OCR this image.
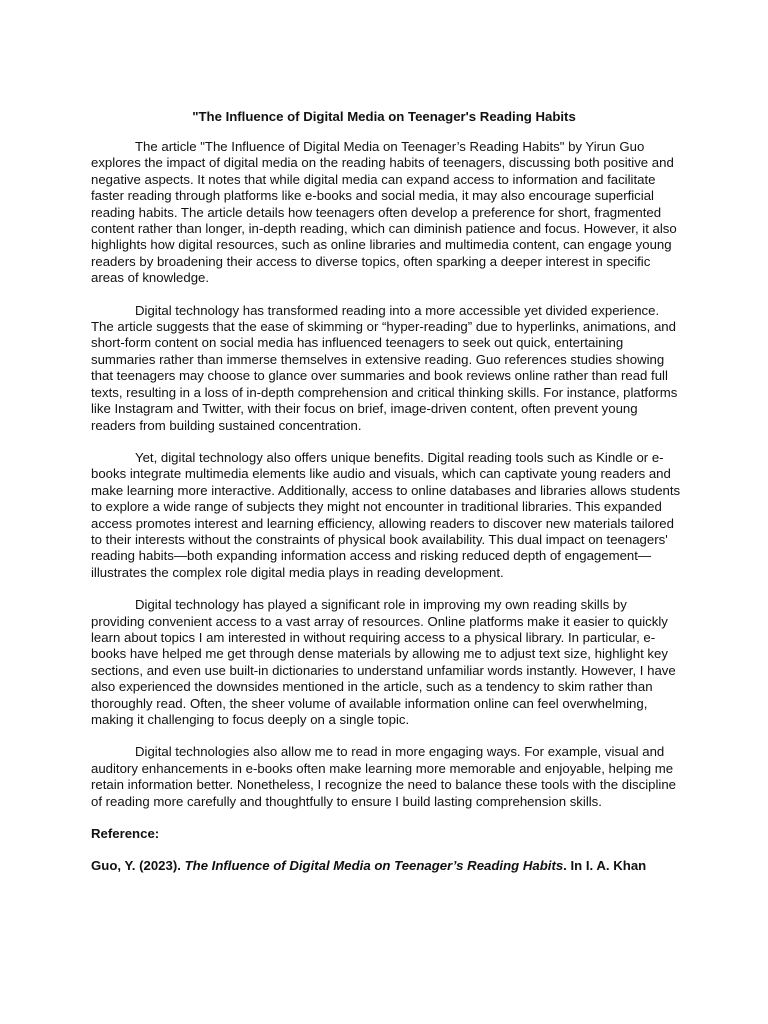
"The Influence of Digital Media on Teenager's Reading Habits

The article "The Influence of Digital Media on Teenager’s Reading Habits" by Yirun Guo explores the impact of digital media on the reading habits of teenagers, discussing both positive and negative aspects. It notes that while digital media can expand access to information and facilitate faster reading through platforms like e-books and social media, it may also encourage superficial reading habits. The article details how teenagers often develop a preference for short, fragmented content rather than longer, in-depth reading, which can diminish patience and focus. However, it also highlights how digital resources, such as online libraries and multimedia content, can engage young readers by broadening their access to diverse topics, often sparking a deeper interest in specific areas of knowledge.

Digital technology has transformed reading into a more accessible yet divided experience. The article suggests that the ease of skimming or “hyper-reading” due to hyperlinks, animations, and short-form content on social media has influenced teenagers to seek out quick, entertaining summaries rather than immerse themselves in extensive reading. Guo references studies showing that teenagers may choose to glance over summaries and book reviews online rather than read full texts, resulting in a loss of in-depth comprehension and critical thinking skills. For instance, platforms like Instagram and Twitter, with their focus on brief, image-driven content, often prevent young readers from building sustained concentration.

Yet, digital technology also offers unique benefits. Digital reading tools such as Kindle or e-books integrate multimedia elements like audio and visuals, which can captivate young readers and make learning more interactive. Additionally, access to online databases and libraries allows students to explore a wide range of subjects they might not encounter in traditional libraries. This expanded access promotes interest and learning efficiency, allowing readers to discover new materials tailored to their interests without the constraints of physical book availability. This dual impact on teenagers' reading habits—both expanding information access and risking reduced depth of engagement—illustrates the complex role digital media plays in reading development.

Digital technology has played a significant role in improving my own reading skills by providing convenient access to a vast array of resources. Online platforms make it easier to quickly learn about topics I am interested in without requiring access to a physical library. In particular, e-books have helped me get through dense materials by allowing me to adjust text size, highlight key sections, and even use built-in dictionaries to understand unfamiliar words instantly. However, I have also experienced the downsides mentioned in the article, such as a tendency to skim rather than thoroughly read. Often, the sheer volume of available information online can feel overwhelming, making it challenging to focus deeply on a single topic.

Digital technologies also allow me to read in more engaging ways. For example, visual and auditory enhancements in e-books often make learning more memorable and enjoyable, helping me retain information better. Nonetheless, I recognize the need to balance these tools with the discipline of reading more carefully and thoughtfully to ensure I build lasting comprehension skills.

Reference:

Guo, Y. (2023). The Influence of Digital Media on Teenager’s Reading Habits. In I. A. Khan
